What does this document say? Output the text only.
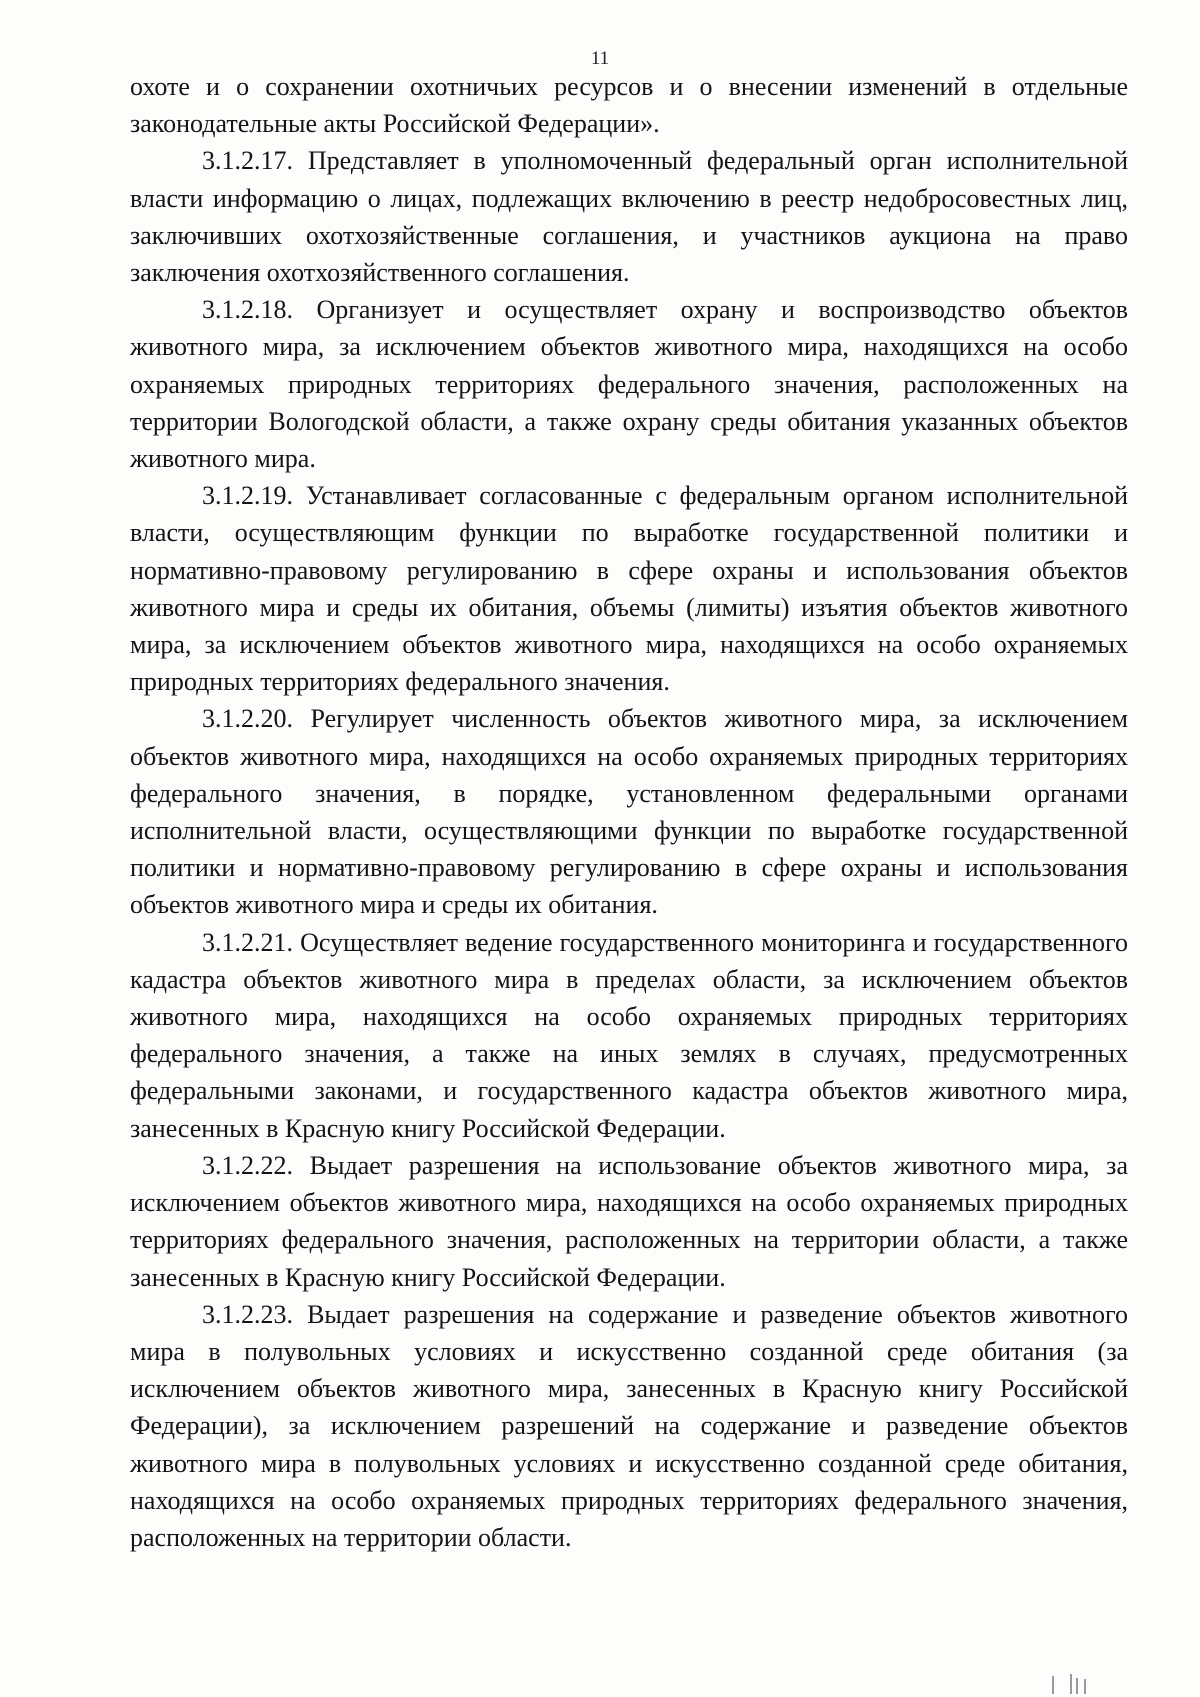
11

охоте и о сохранении охотничьих ресурсов и о внесении изменений в отдельные законодательные акты Российской Федерации».

3.1.2.17. Представляет в уполномоченный федеральный орган исполнительной власти информацию о лицах, подлежащих включению в реестр недобросовестных лиц, заключивших охотхозяйственные соглашения, и участников аукциона на право заключения охотхозяйственного соглашения.

3.1.2.18. Организует и осуществляет охрану и воспроизводство объектов животного мира, за исключением объектов животного мира, находящихся на особо охраняемых природных территориях федерального значения, расположенных на территории Вологодской области, а также охрану среды обитания указанных объектов животного мира.

3.1.2.19. Устанавливает согласованные с федеральным органом исполнительной власти, осуществляющим функции по выработке государственной политики и нормативно-правовому регулированию в сфере охраны и использования объектов животного мира и среды их обитания, объемы (лимиты) изъятия объектов животного мира, за исключением объектов животного мира, находящихся на особо охраняемых природных территориях федерального значения.

3.1.2.20. Регулирует численность объектов животного мира, за исключением объектов животного мира, находящихся на особо охраняемых природных территориях федерального значения, в порядке, установленном федеральными органами исполнительной власти, осуществляющими функции по выработке государственной политики и нормативно-правовому регулированию в сфере охраны и использования объектов животного мира и среды их обитания.

3.1.2.21. Осуществляет ведение государственного мониторинга и государственного кадастра объектов животного мира в пределах области, за исключением объектов животного мира, находящихся на особо охраняемых природных территориях федерального значения, а также на иных землях в случаях, предусмотренных федеральными законами, и государственного кадастра объектов животного мира, занесенных в Красную книгу Российской Федерации.

3.1.2.22. Выдает разрешения на использование объектов животного мира, за исключением объектов животного мира, находящихся на особо охраняемых природных территориях федерального значения, расположенных на территории области, а также занесенных в Красную книгу Российской Федерации.

3.1.2.23. Выдает разрешения на содержание и разведение объектов животного мира в полувольных условиях и искусственно созданной среде обитания (за исключением объектов животного мира, занесенных в Красную книгу Российской Федерации), за исключением разрешений на содержание и разведение объектов животного мира в полувольных условиях и искусственно созданной среде обитания, находящихся на особо охраняемых природных территориях федерального значения, расположенных на территории области.
